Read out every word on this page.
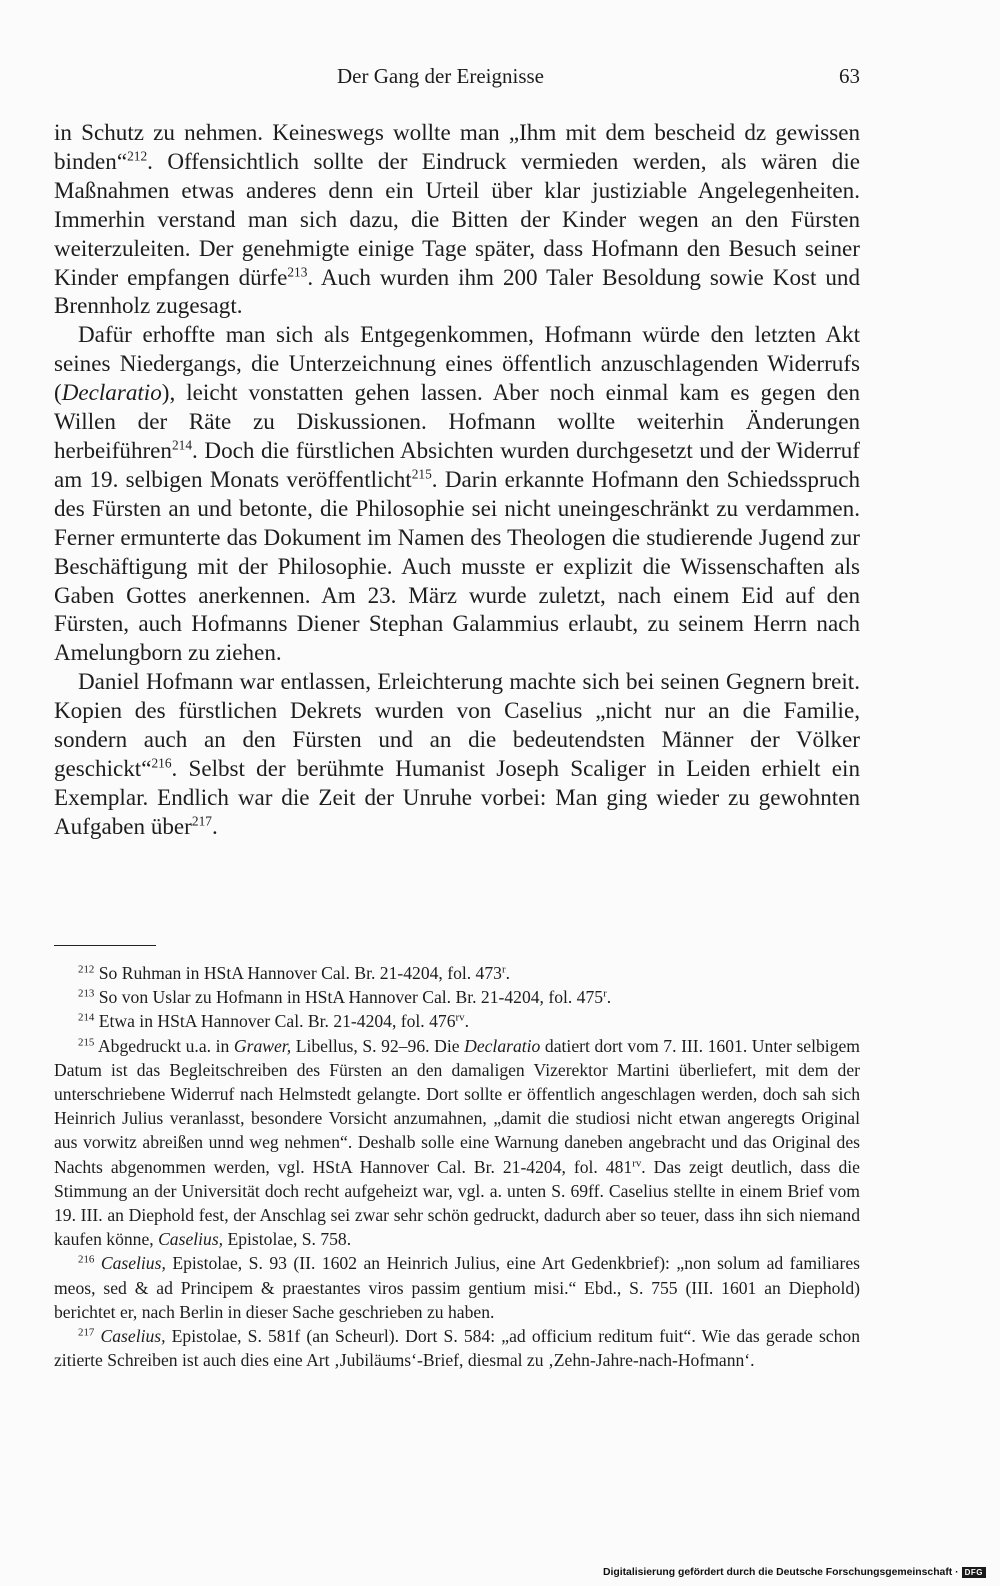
Der Gang der Ereignisse	63

in Schutz zu nehmen. Keineswegs wollte man „Ihm mit dem bescheid dz gewissen binden“$^{212}$. Offensichtlich sollte der Eindruck vermieden werden, als wären die Maßnahmen etwas anderes denn ein Urteil über klar justiziable Angelegenheiten. Immerhin verstand man sich dazu, die Bitten der Kinder wegen an den Fürsten weiterzuleiten. Der genehmigte einige Tage später, dass Hofmann den Besuch seiner Kinder empfangen dürfe$^{213}$. Auch wurden ihm 200 Taler Besoldung sowie Kost und Brennholz zugesagt.

Dafür erhoffte man sich als Entgegenkommen, Hofmann würde den letzten Akt seines Niedergangs, die Unterzeichnung eines öffentlich anzuschlagenden Widerrufs (Declaratio), leicht vonstatten gehen lassen. Aber noch einmal kam es gegen den Willen der Räte zu Diskussionen. Hofmann wollte weiterhin Änderungen herbeiführen$^{214}$. Doch die fürstlichen Absichten wurden durchgesetzt und der Widerruf am 19. selbigen Monats veröffentlicht$^{215}$. Darin erkannte Hofmann den Schiedsspruch des Fürsten an und betonte, die Philosophie sei nicht uneingeschränkt zu verdammen. Ferner ermunterte das Dokument im Namen des Theologen die studierende Jugend zur Beschäftigung mit der Philosophie. Auch musste er explizit die Wissenschaften als Gaben Gottes anerkennen. Am 23. März wurde zuletzt, nach einem Eid auf den Fürsten, auch Hofmanns Diener Stephan Galammius erlaubt, zu seinem Herrn nach Amelungborn zu ziehen.

Daniel Hofmann war entlassen, Erleichterung machte sich bei seinen Gegnern breit. Kopien des fürstlichen Dekrets wurden von Caselius „nicht nur an die Familie, sondern auch an den Fürsten und an die bedeutendsten Männer der Völker geschickt“$^{216}$. Selbst der berühmte Humanist Joseph Scaliger in Leiden erhielt ein Exemplar. Endlich war die Zeit der Unruhe vorbei: Man ging wieder zu gewohnten Aufgaben über$^{217}$.

$^{212}$ So Ruhman in HStA Hannover Cal. Br. 21-4204, fol. 473$^r$.

$^{213}$ So von Uslar zu Hofmann in HStA Hannover Cal. Br. 21-4204, fol. 475$^r$.

$^{214}$ Etwa in HStA Hannover Cal. Br. 21-4204, fol. $476^{rv}$.

$^{215}$ Abgedruckt u.a. in Grawer, Libellus, S. 92–96. Die Declaratio datiert dort vom 7. III. 1601. Unter selbigem Datum ist das Begleitschreiben des Fürsten an den damaligen Vizerektor Martini überliefert, mit dem der unterschriebene Widerruf nach Helmstedt gelangte. Dort sollte er öffentlich angeschlagen werden, doch sah sich Heinrich Julius veranlasst, besondere Vorsicht anzumahnen, „damit die studiosi nicht etwan angeregts Original aus vorwitz abreißen unnd weg nehmen“. Deshalb solle eine Warnung daneben angebracht und das Original des Nachts abgenommen werden, vgl. HStA Hannover Cal. Br. 21-4204, fol. $481^{rv}$. Das zeigt deutlich, dass die Stimmung an der Universität doch recht aufgeheizt war, vgl. a. unten S. 69ff. Caselius stellte in einem Brief vom 19. III. an Diephold fest, der Anschlag sei zwar sehr schön gedruckt, dadurch aber so teuer, dass ihn sich niemand kaufen könne, Caselius, Epistolae, S. 758.

$^{216}$ Caselius, Epistolae, S. 93 (II. 1602 an Heinrich Julius, eine Art Gedenkbrief): „non solum ad familiares meos, sed & ad Principem & praestantes viros passim gentium misi.“ Ebd., S. 755 (III. 1601 an Diephold) berichtet er, nach Berlin in dieser Sache geschrieben zu haben.

$^{217}$ Caselius, Epistolae, S. 581f (an Scheurl). Dort S. 584: „ad officium reditum fuit“. Wie das gerade schon zitierte Schreiben ist auch dies eine Art ‚Jubiläums‘-Brief, diesmal zu ‚Zehn-Jahre-nach-Hofmann‘.

Digitalisierung gefördert durch die Deutsche Forschungsgemeinschaft · DFG
